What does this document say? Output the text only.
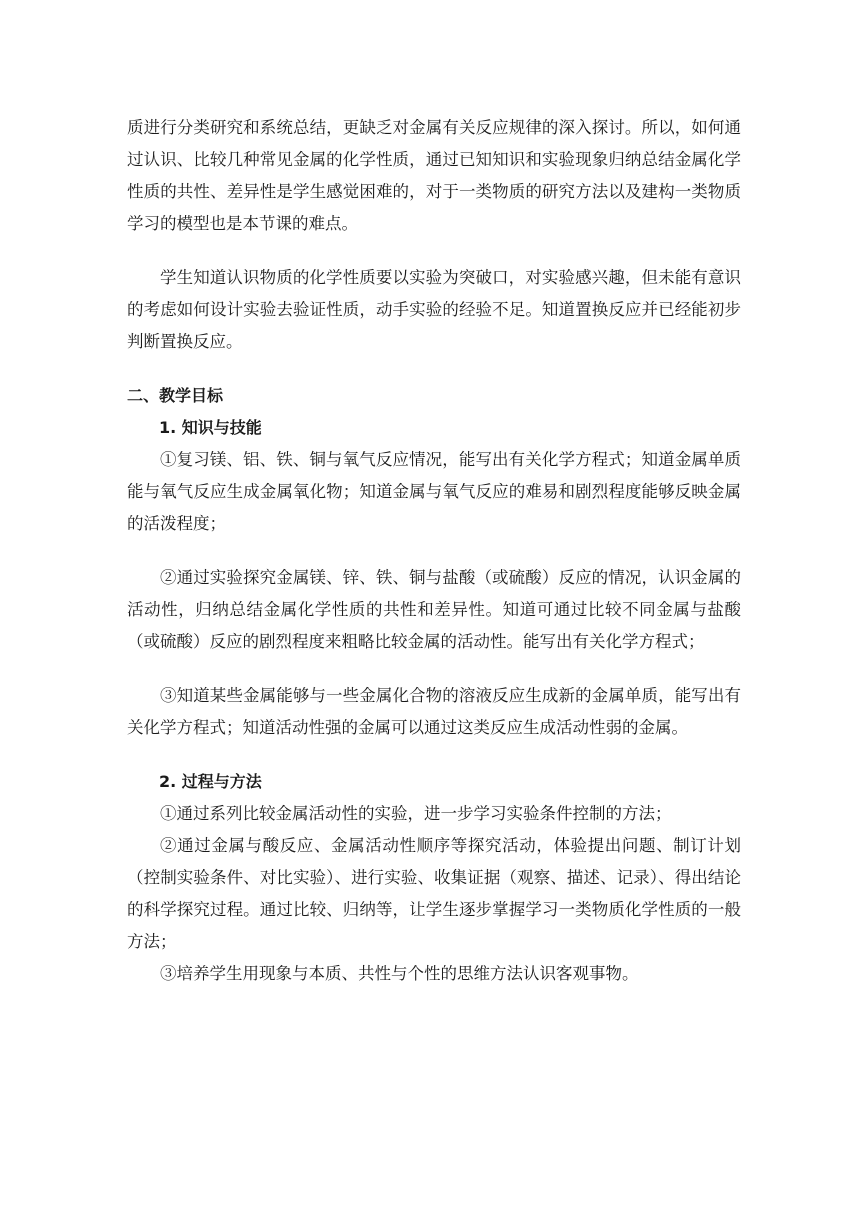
质进行分类研究和系统总结，更缺乏对金属有关反应规律的深入探讨。所以，如何通过认识、比较几种常见金属的化学性质，通过已知知识和实验现象归纳总结金属化学性质的共性、差异性是学生感觉困难的，对于一类物质的研究方法以及建构一类物质学习的模型也是本节课的难点。

学生知道认识物质的化学性质要以实验为突破口，对实验感兴趣，但未能有意识的考虑如何设计实验去验证性质，动手实验的经验不足。知道置换反应并已经能初步判断置换反应。

二、教学目标

1. 知识与技能

①复习镁、铝、铁、铜与氧气反应情况，能写出有关化学方程式；知道金属单质能与氧气反应生成金属氧化物；知道金属与氧气反应的难易和剧烈程度能够反映金属的活泼程度；

②通过实验探究金属镁、锌、铁、铜与盐酸（或硫酸）反应的情况，认识金属的活动性，归纳总结金属化学性质的共性和差异性。知道可通过比较不同金属与盐酸（或硫酸）反应的剧烈程度来粗略比较金属的活动性。能写出有关化学方程式；

③知道某些金属能够与一些金属化合物的溶液反应生成新的金属单质，能写出有关化学方程式；知道活动性强的金属可以通过这类反应生成活动性弱的金属。

2. 过程与方法

①通过系列比较金属活动性的实验，进一步学习实验条件控制的方法；

②通过金属与酸反应、金属活动性顺序等探究活动，体验提出问题、制订计划（控制实验条件、对比实验）、进行实验、收集证据（观察、描述、记录）、得出结论的科学探究过程。通过比较、归纳等，让学生逐步掌握学习一类物质化学性质的一般方法；

③培养学生用现象与本质、共性与个性的思维方法认识客观事物。
